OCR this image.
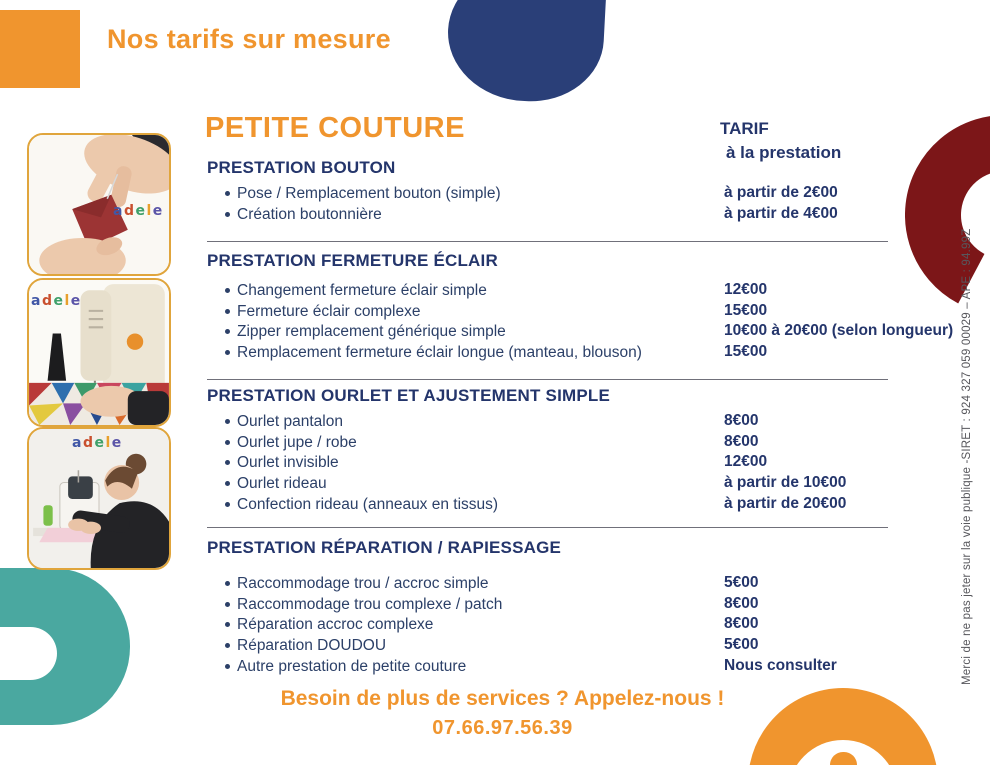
Nos tarifs sur mesure
PETITE COUTURE	TARIF
à la prestation
adele
adele
adele
PRESTATION BOUTON
Pose / Remplacement bouton (simple)	à partir de 2€00
Création boutonnière	à partir de 4€00
PRESTATION FERMETURE ÉCLAIR
Changement fermeture éclair simple	12€00
Fermeture éclair complexe	15€00
Zipper remplacement générique simple	10€00 à 20€00 (selon longueur)
Remplacement fermeture éclair longue (manteau, blouson)	15€00
PRESTATION OURLET ET AJUSTEMENT SIMPLE
Ourlet pantalon	8€00
Ourlet jupe / robe	8€00
Ourlet invisible	12€00
Ourlet rideau	à partir de 10€00
Confection rideau (anneaux en tissus)	à partir de 20€00
PRESTATION RÉPARATION / RAPIESSAGE
Raccommodage trou / accroc simple	5€00
Raccommodage trou complexe / patch	8€00
Réparation accroc complexe	8€00
Réparation DOUDOU	5€00
Autre prestation de petite couture	Nous consulter
Besoin de plus de services ? Appelez-nous !
07.66.97.56.39
Merci de ne pas jeter sur la voie publique -SIRET : 924 327 059 00029 – APE : 94.99Z
